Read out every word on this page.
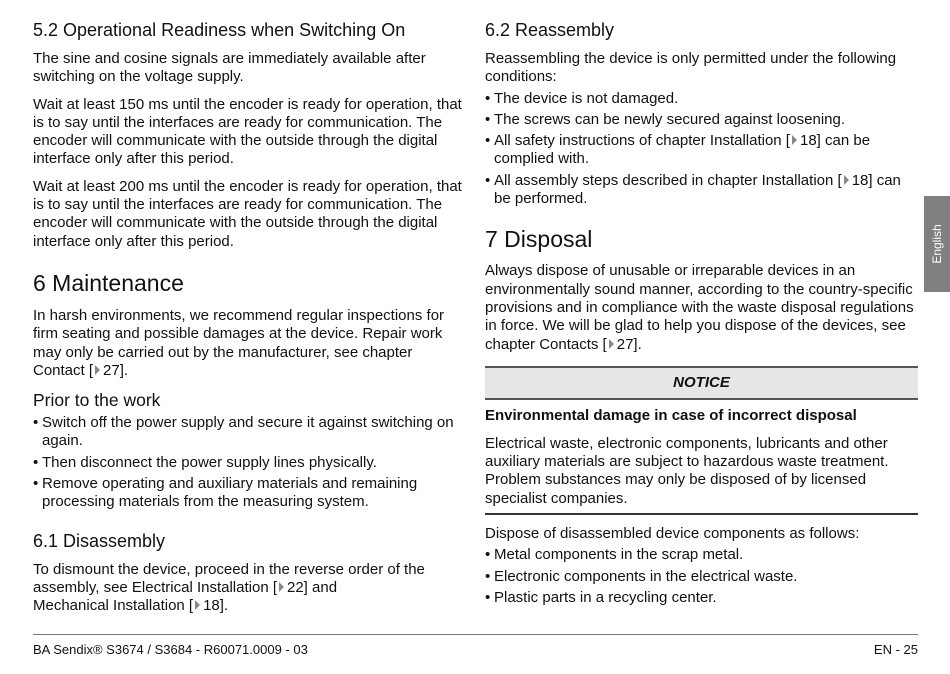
5.2 Operational Readiness when Switching On

The sine and cosine signals are immediately available after switching on the voltage supply.

Wait at least 150 ms until the encoder is ready for operation, that is to say until the interfaces are ready for communication. The encoder will communicate with the outside through the digital interface only after this period.

Wait at least 200 ms until the encoder is ready for operation, that is to say until the interfaces are ready for communication. The encoder will communicate with the outside through the digital interface only after this period.

6 Maintenance

In harsh environments, we recommend regular inspections for firm seating and possible damages at the device. Repair work may only be carried out by the manufacturer, see chapter Contact [ 27].

Prior to the work
• Switch off the power supply and secure it against switching on again.
• Then disconnect the power supply lines physically.
• Remove operating and auxiliary materials and remaining processing materials from the measuring system.
6.1 Disassembly

To dismount the device, proceed in the reverse order of the assembly, see Electrical Installation [ 22] and
Mechanical Installation [ 18].

6.2 Reassembly

Reassembling the device is only permitted under the following conditions:

• The device is not damaged.
• The screws can be newly secured against loosening.
• All safety instructions of chapter Installation [ 18] can be complied with.
• All assembly steps described in chapter Installation [ 18] can be performed.
7 Disposal

Always dispose of unusable or irreparable devices in an environmentally sound manner, according to the country-specific provisions and in compliance with the waste disposal regulations in force. We will be glad to help you dispose of the devices, see chapter Contacts [ 27].

NOTICE
Environmental damage in case of incorrect disposal

Electrical waste, electronic components, lubricants and other auxiliary materials are subject to hazardous waste treatment. Problem substances may only be disposed of by licensed specialist companies.

Dispose of disassembled device components as follows:

• Metal components in the scrap metal.
• Electronic components in the electrical waste.
• Plastic parts in a recycling center.
English
BA Sendix® S3674 / S3684 - R60071.0009 - 03	EN - 25
